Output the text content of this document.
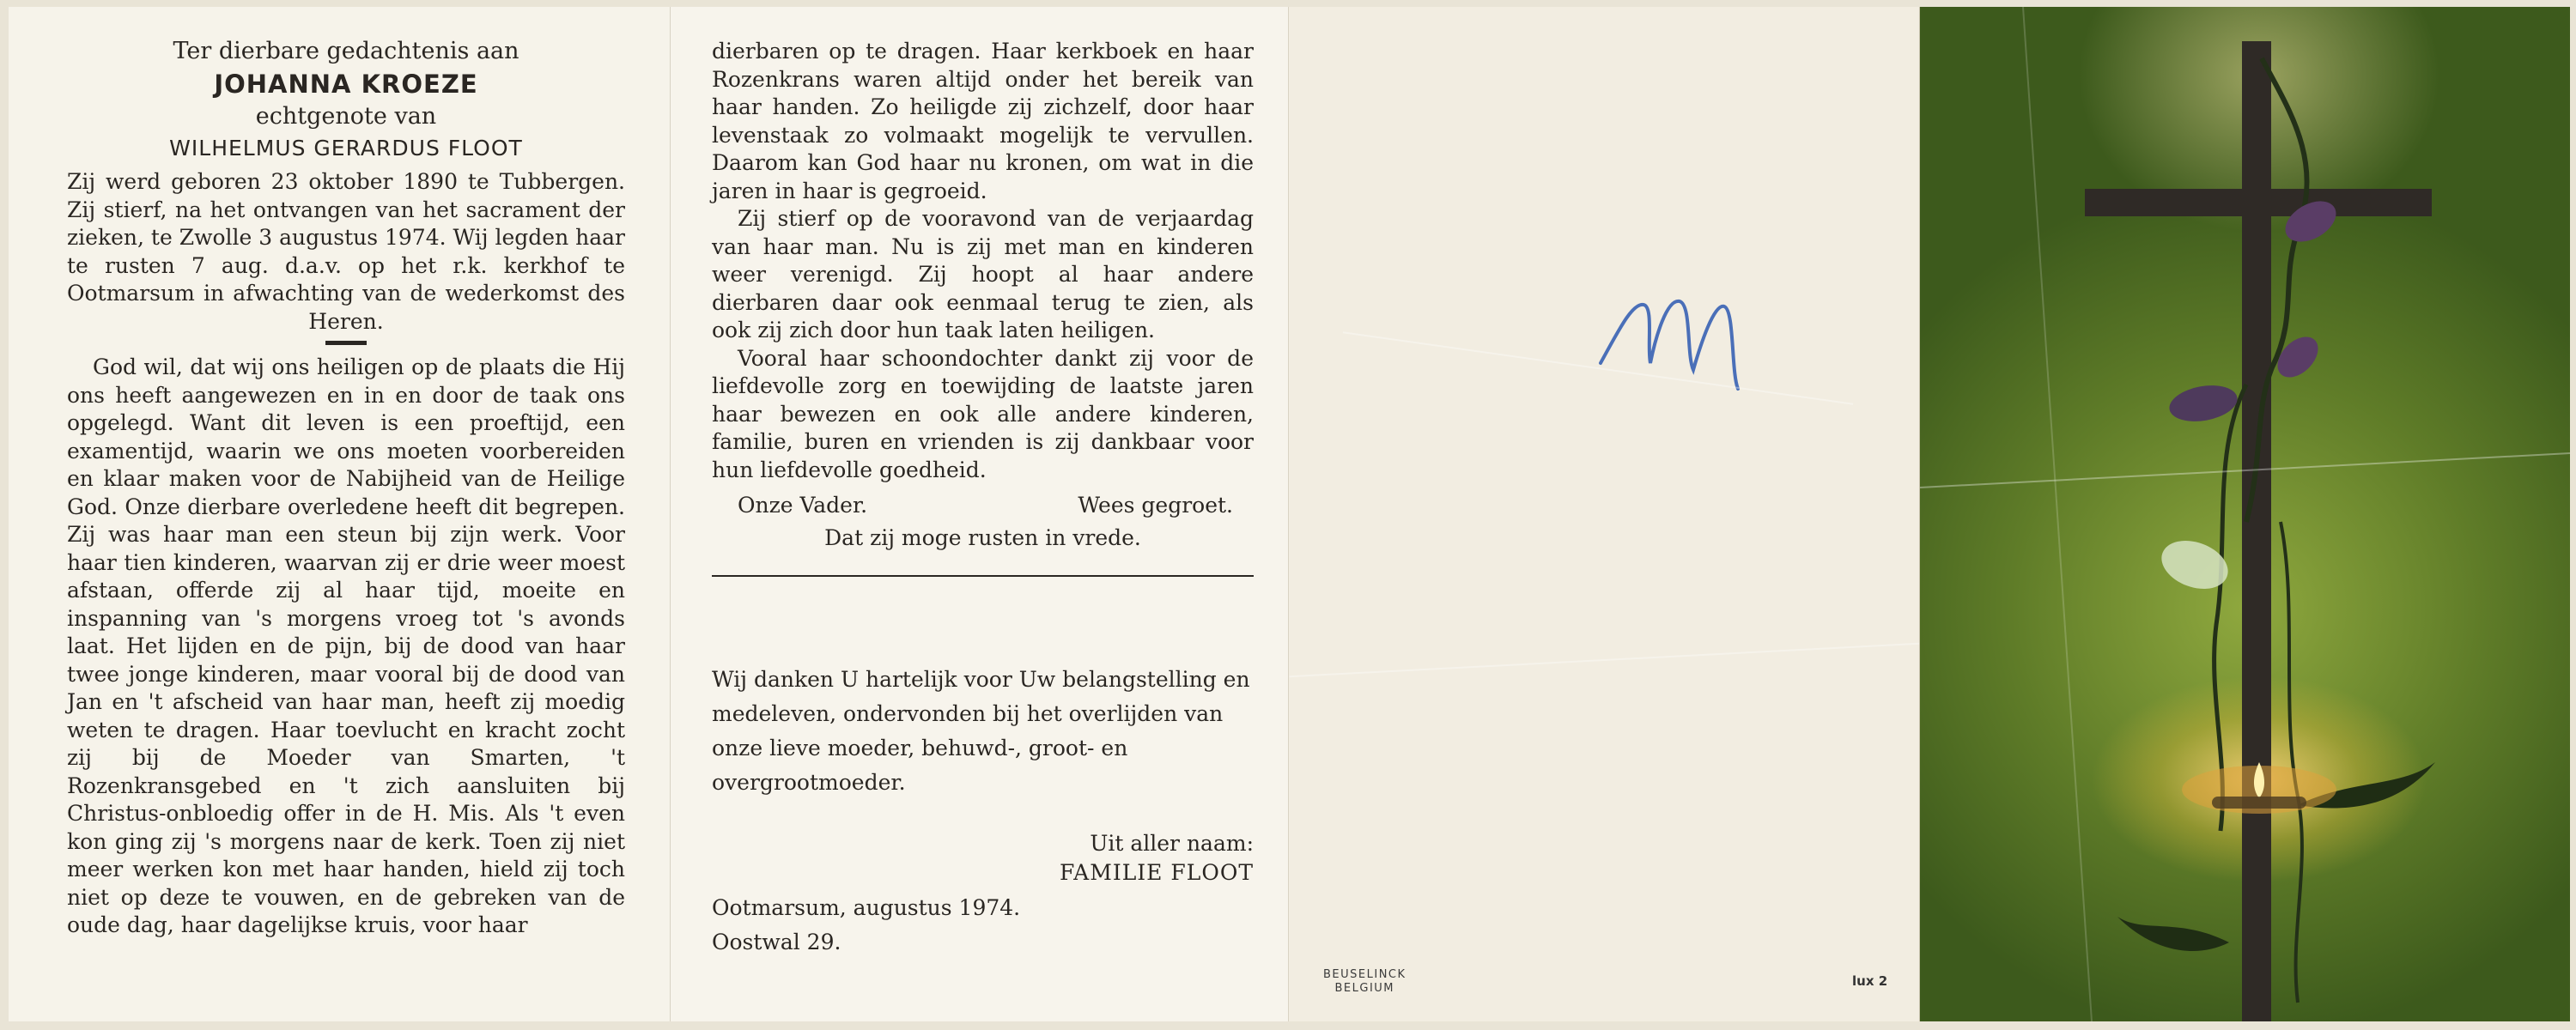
Ter dierbare gedachtenis aan
JOHANNA KROEZE
echtgenote van
WILHELMUS GERARDUS FLOOT

Zij werd geboren 23 oktober 1890 te Tubbergen. Zij stierf, na het ontvangen van het sacrament der zieken, te Zwolle 3 augustus 1974. Wij legden haar te rusten 7 aug. d.a.v. op het r.k. kerkhof te Ootmarsum in afwachting van de wederkomst des Heren.

God wil, dat wij ons heiligen op de plaats die Hij ons heeft aangewezen en in en door de taak ons opgelegd. Want dit leven is een proeftijd, een examentijd, waarin we ons moeten voorbereiden en klaar maken voor de Nabijheid van de Heilige God. Onze dierbare overledene heeft dit begrepen. Zij was haar man een steun bij zijn werk. Voor haar tien kinderen, waarvan zij er drie weer moest afstaan, offerde zij al haar tijd, moeite en inspanning van 's morgens vroeg tot 's avonds laat. Het lijden en de pijn, bij de dood van haar twee jonge kinderen, maar vooral bij de dood van Jan en 't afscheid van haar man, heeft zij moedig weten te dragen. Haar toevlucht en kracht zocht zij bij de Moeder van Smarten, 't Rozenkransgebed en 't zich aansluiten bij Christus-onbloedig offer in de H. Mis. Als 't even kon ging zij 's morgens naar de kerk. Toen zij niet meer werken kon met haar handen, hield zij toch niet op deze te vouwen, en de gebreken van de oude dag, haar dagelijkse kruis, voor haar

dierbaren op te dragen. Haar kerkboek en haar Rozenkrans waren altijd onder het bereik van haar handen. Zo heiligde zij zichzelf, door haar levenstaak zo volmaakt mogelijk te vervullen. Daarom kan God haar nu kronen, om wat in die jaren in haar is gegroeid.

Zij stierf op de vooravond van de verjaardag van haar man. Nu is zij met man en kinderen weer verenigd. Zij hoopt al haar andere dierbaren daar ook eenmaal terug te zien, als ook zij zich door hun taak laten heiligen.

Vooral haar schoondochter dankt zij voor de liefdevolle zorg en toewijding de laatste jaren haar bewezen en ook alle andere kinderen, familie, buren en vrienden is zij dankbaar voor hun liefdevolle goedheid.

Onze Vader.	Wees gegroet.
Dat zij moge rusten in vrede.

Wij danken U hartelijk voor Uw belangstelling en medeleven, ondervonden bij het overlijden van onze lieve moeder, behuwd-, groot- en overgrootmoeder.

Uit aller naam:
FAMILIE FLOOT
Ootmarsum, augustus 1974.
Oostwal 29.
BEUSELINCK
BELGIUM	lux 2
